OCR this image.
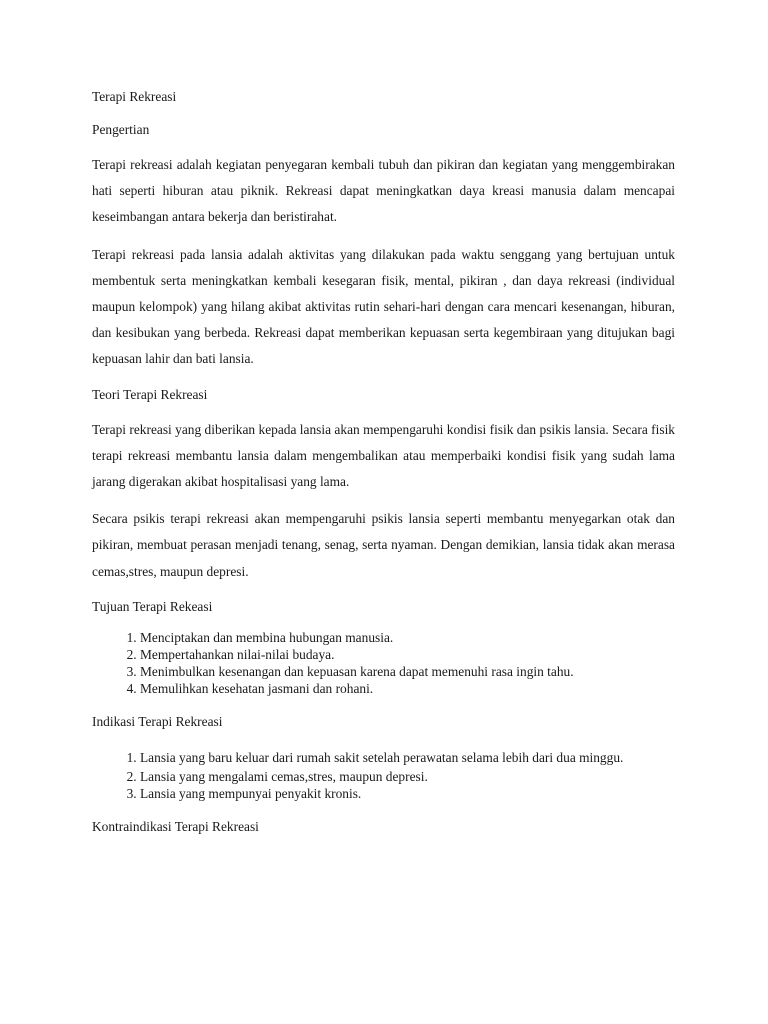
Terapi Rekreasi

Pengertian

Terapi rekreasi adalah kegiatan penyegaran kembali tubuh dan pikiran dan kegiatan yang menggembirakan hati seperti hiburan atau piknik. Rekreasi dapat meningkatkan daya kreasi manusia dalam mencapai keseimbangan antara bekerja dan beristirahat.

Terapi rekreasi pada lansia adalah aktivitas yang dilakukan pada waktu senggang yang bertujuan untuk membentuk serta meningkatkan kembali kesegaran fisik, mental, pikiran , dan daya rekreasi (individual maupun kelompok) yang hilang akibat aktivitas rutin sehari-hari dengan cara mencari kesenangan, hiburan, dan kesibukan yang berbeda. Rekreasi dapat memberikan kepuasan serta kegembiraan yang ditujukan bagi kepuasan lahir dan bati lansia.

Teori Terapi Rekreasi

Terapi rekreasi yang diberikan kepada lansia akan mempengaruhi kondisi fisik dan psikis lansia. Secara fisik terapi rekreasi membantu lansia dalam mengembalikan atau memperbaiki kondisi fisik yang sudah lama jarang digerakan akibat hospitalisasi yang lama.

Secara psikis terapi rekreasi akan mempengaruhi psikis lansia seperti membantu menyegarkan otak dan pikiran, membuat perasan menjadi tenang, senag, serta nyaman. Dengan demikian, lansia tidak akan merasa cemas,stres, maupun depresi.

Tujuan Terapi Rekeasi

1. Menciptakan dan membina hubungan manusia.
2. Mempertahankan nilai-nilai budaya.
3. Menimbulkan kesenangan dan kepuasan karena dapat memenuhi rasa ingin tahu.
4. Memulihkan kesehatan jasmani dan rohani.

Indikasi Terapi Rekreasi

1. Lansia yang baru keluar dari rumah sakit setelah perawatan selama lebih dari dua minggu.
2. Lansia yang mengalami cemas,stres, maupun depresi.
3. Lansia yang mempunyai penyakit kronis.

Kontraindikasi Terapi Rekreasi
